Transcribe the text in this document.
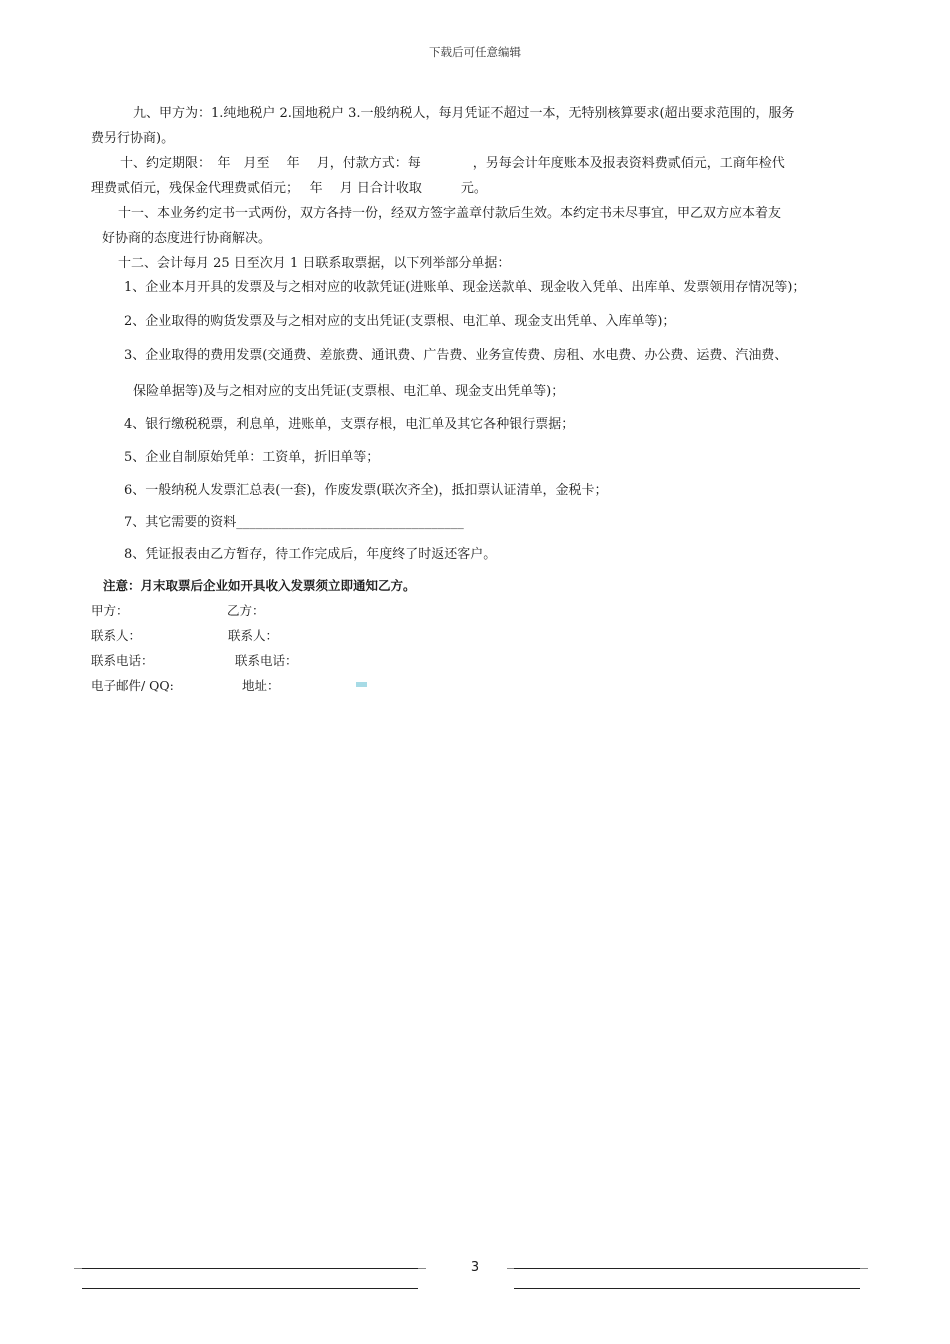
下载后可任意编辑
九、甲方为：1.纯地税户 2.国地税户 3.一般纳税人，每月凭证不超过一本，无特别核算要求(超出要求范围的，服务
费另行协商)。
十、约定期限：　年　月至　 年　 月，付款方式：每　　　　，另每会计年度账本及报表资料费贰佰元，工商年检代
理费贰佰元，残保金代理费贰佰元；　 年　 月 日合计收取　　　元。
十一、本业务约定书一式两份，双方各持一份，经双方签字盖章付款后生效。本约定书未尽事宜，甲乙双方应本着友
好协商的态度进行协商解决。
十二、会计每月 25 日至次月 1 日联系取票据，以下列举部分单据：
1、企业本月开具的发票及与之相对应的收款凭证(进账单、现金送款单、现金收入凭单、出库单、发票领用存情况等)；
2、企业取得的购货发票及与之相对应的支出凭证(支票根、电汇单、现金支出凭单、入库单等)；
3、企业取得的费用发票(交通费、差旅费、通讯费、广告费、业务宣传费、房租、水电费、办公费、运费、汽油费、
保险单据等)及与之相对应的支出凭证(支票根、电汇单、现金支出凭单等)；
4、银行缴税税票，利息单，进账单，支票存根，电汇单及其它各种银行票据；
5、企业自制原始凭单：工资单，折旧单等；
6、一般纳税人发票汇总表(一套)，作废发票(联次齐全)，抵扣票认证清单，金税卡；
7、其它需要的资料___________________________________
8、凭证报表由乙方暂存，待工作完成后，年度终了时返还客户。
注意：月末取票后企业如开具收入发票须立即通知乙方。
甲方：	乙方：
联系人：	联系人：
联系电话：	联系电话：
电子邮件/ QQ:	地址：
3
